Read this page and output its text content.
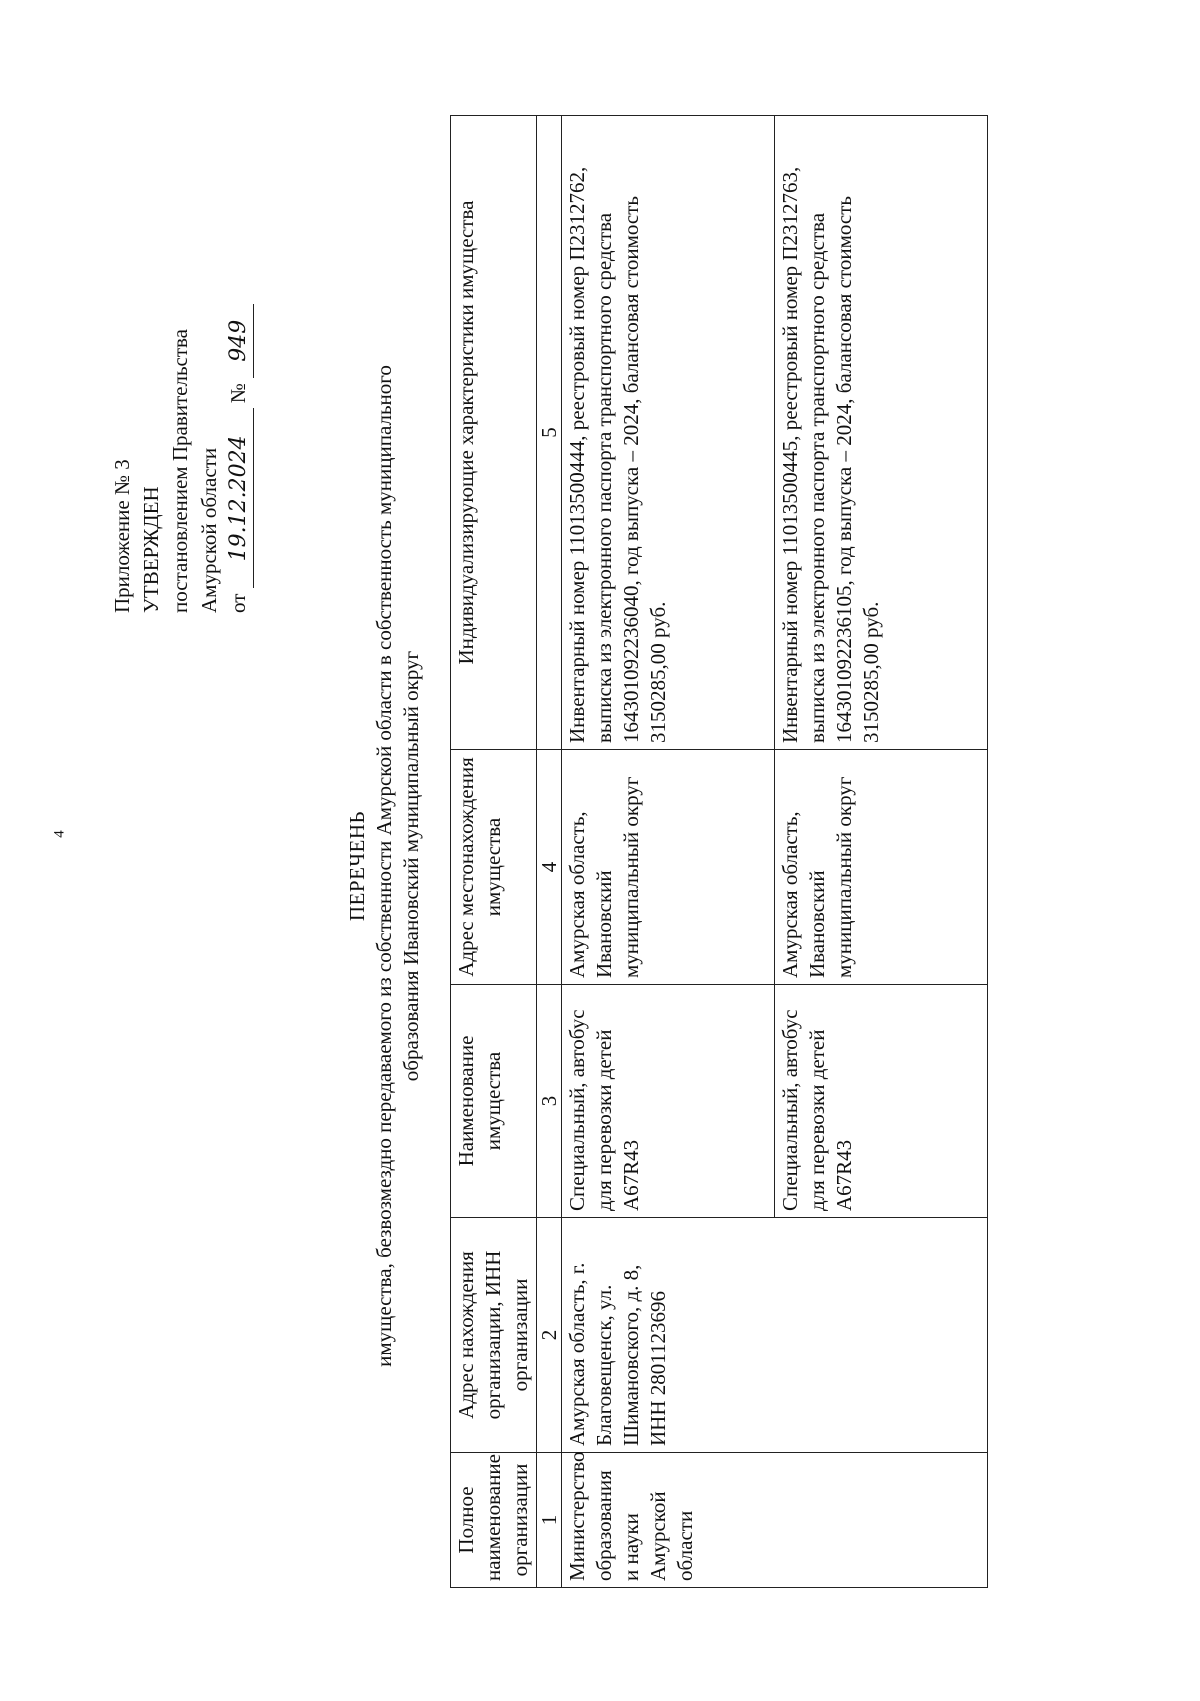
4
Приложение № 3 УТВЕРЖДЕН постановлением Правительства Амурской области от 19.12.2024 № 949
ПЕРЕЧЕНЬ имущества, безвозмездно передаваемого из собственности Амурской области в собственность муниципального образования Ивановский муниципальный округ
Полное наименование организации	Адрес нахождения организации, ИНН организации	Наименование имущества	Адрес местонахождения имущества	Индивидуализирующие характеристики имущества
1	2	3	4	5
Министерство образования и науки Амурской области	Амурская область, г. Благовещенск, ул. Шимановского, д. 8, ИНН 2801123696	Специальный, автобус для перевозки детей A67R43	Амурская область, Ивановский муниципальный округ	Инвентарный номер 11013500444, реестровый номер П2312762, выписка из электронного паспорта транспортного средства 164301092236040, год выпуска – 2024, балансовая стоимость 3150285,00 руб.
		Специальный, автобус для перевозки детей A67R43	Амурская область, Ивановский муниципальный округ	Инвентарный номер 11013500445, реестровый номер П2312763, выписка из электронного паспорта транспортного средства 164301092236105, год выпуска – 2024, балансовая стоимость 3150285,00 руб.
